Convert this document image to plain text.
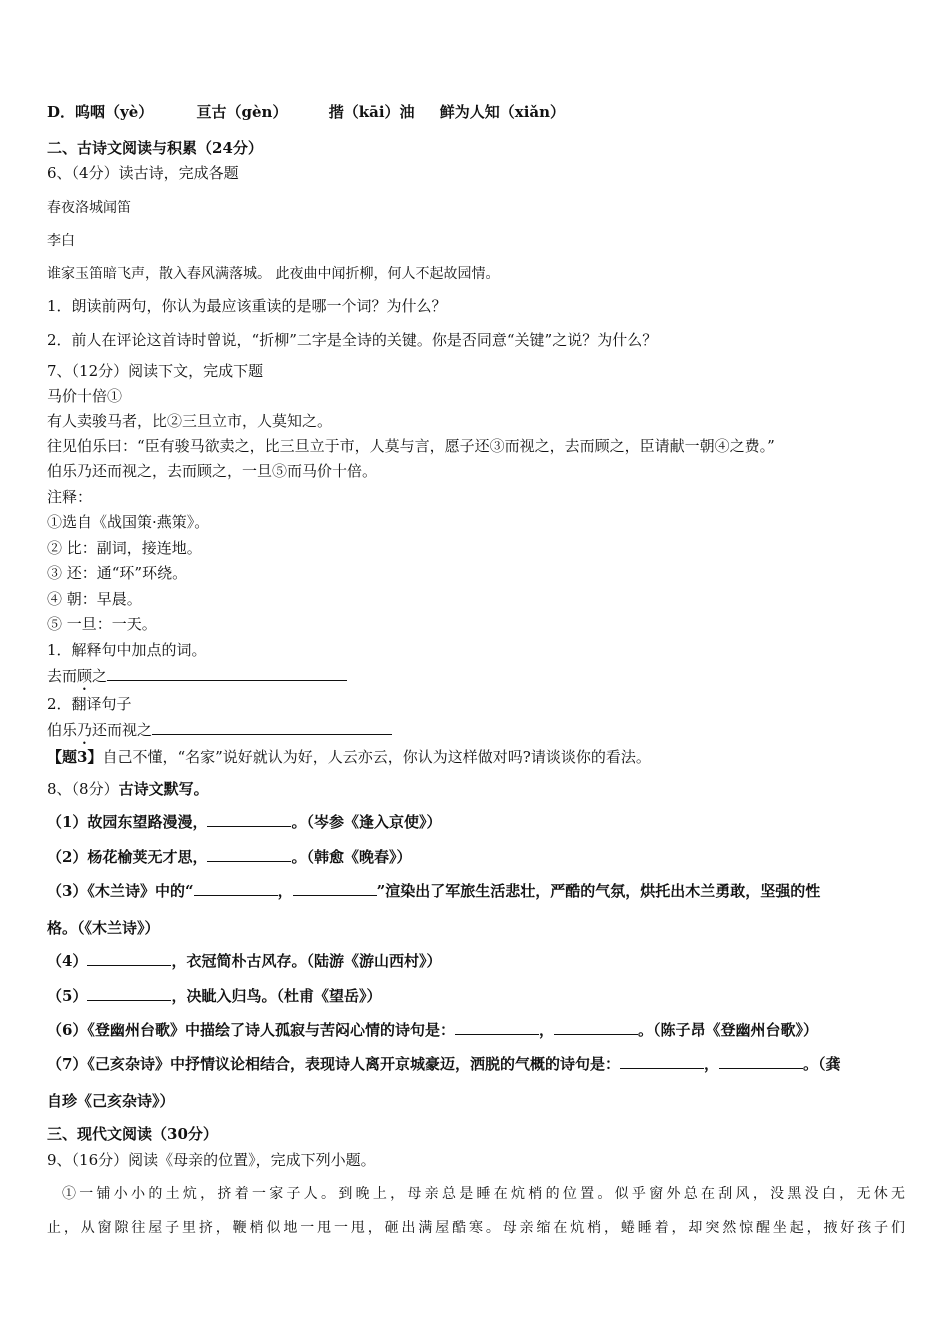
D．呜咽（yè）	亘古（gèn）	揩（kāi）油 鲜为人知（xiǎn）
二、古诗文阅读与积累（24分）
6、（4分）读古诗，完成各题
春夜洛城闻笛
李白
谁家玉笛暗飞声，散入春风满落城。 此夜曲中闻折柳，何人不起故园情。
1．朗读前两句，你认为最应该重读的是哪一个词？为什么？
2．前人在评论这首诗时曾说，“折柳”二字是全诗的关键。你是否同意“关键”之说？为什么？
7、（12分）阅读下文，完成下题
马价十倍①
有人卖骏马者，比②三旦立市，人莫知之。
往见伯乐曰：“臣有骏马欲卖之，比三旦立于市，人莫与言，愿子还③而视之，去而顾之，臣请献一朝④之费。”
伯乐乃还而视之，去而顾之，一旦⑤而马价十倍。
注释：
①选自《战国策·燕策》。
② 比：副词，接连地。
③ 还：通“环”环绕。
④ 朝：早晨。
⑤ 一旦：一天。
1．解释句中加点的词。
去而顾之
2．翻译句子
伯乐乃还而视之
【题3】自己不懂，“名家”说好就认为好，人云亦云，你认为这样做对吗?请谈谈你的看法。
8、（8分）古诗文默写。
（1）故园东望路漫漫，	。（岑参《逢入京使》）
（2）杨花榆荚无才思，	。（韩愈《晚春》）
（3）《木兰诗》中的“	，	”渲染出了军旅生活悲壮，严酷的气氛，烘托出木兰勇敢，坚强的性
格。（《木兰诗》）
（4）	，衣冠简朴古风存。（陆游《游山西村》）
（5）	，决眦入归鸟。（杜甫《望岳》）
（6）《登幽州台歌》中描绘了诗人孤寂与苦闷心情的诗句是：	，	。（陈子昂《登幽州台歌》）
（7）《己亥杂诗》中抒情议论相结合，表现诗人离开京城豪迈，洒脱的气概的诗句是：	，	。（龚
自珍《己亥杂诗》）
三、现代文阅读（30分）
9、（16分）阅读《母亲的位置》，完成下列小题。
①一铺小小的土炕，挤着一家子人。到晚上，母亲总是睡在炕梢的位置。似乎窗外总在刮风，没黑没白，无休无
止，从窗隙往屋子里挤，鞭梢似地一甩一甩，砸出满屋酷寒。母亲缩在炕梢，蜷睡着，却突然惊醒坐起，掖好孩子们
